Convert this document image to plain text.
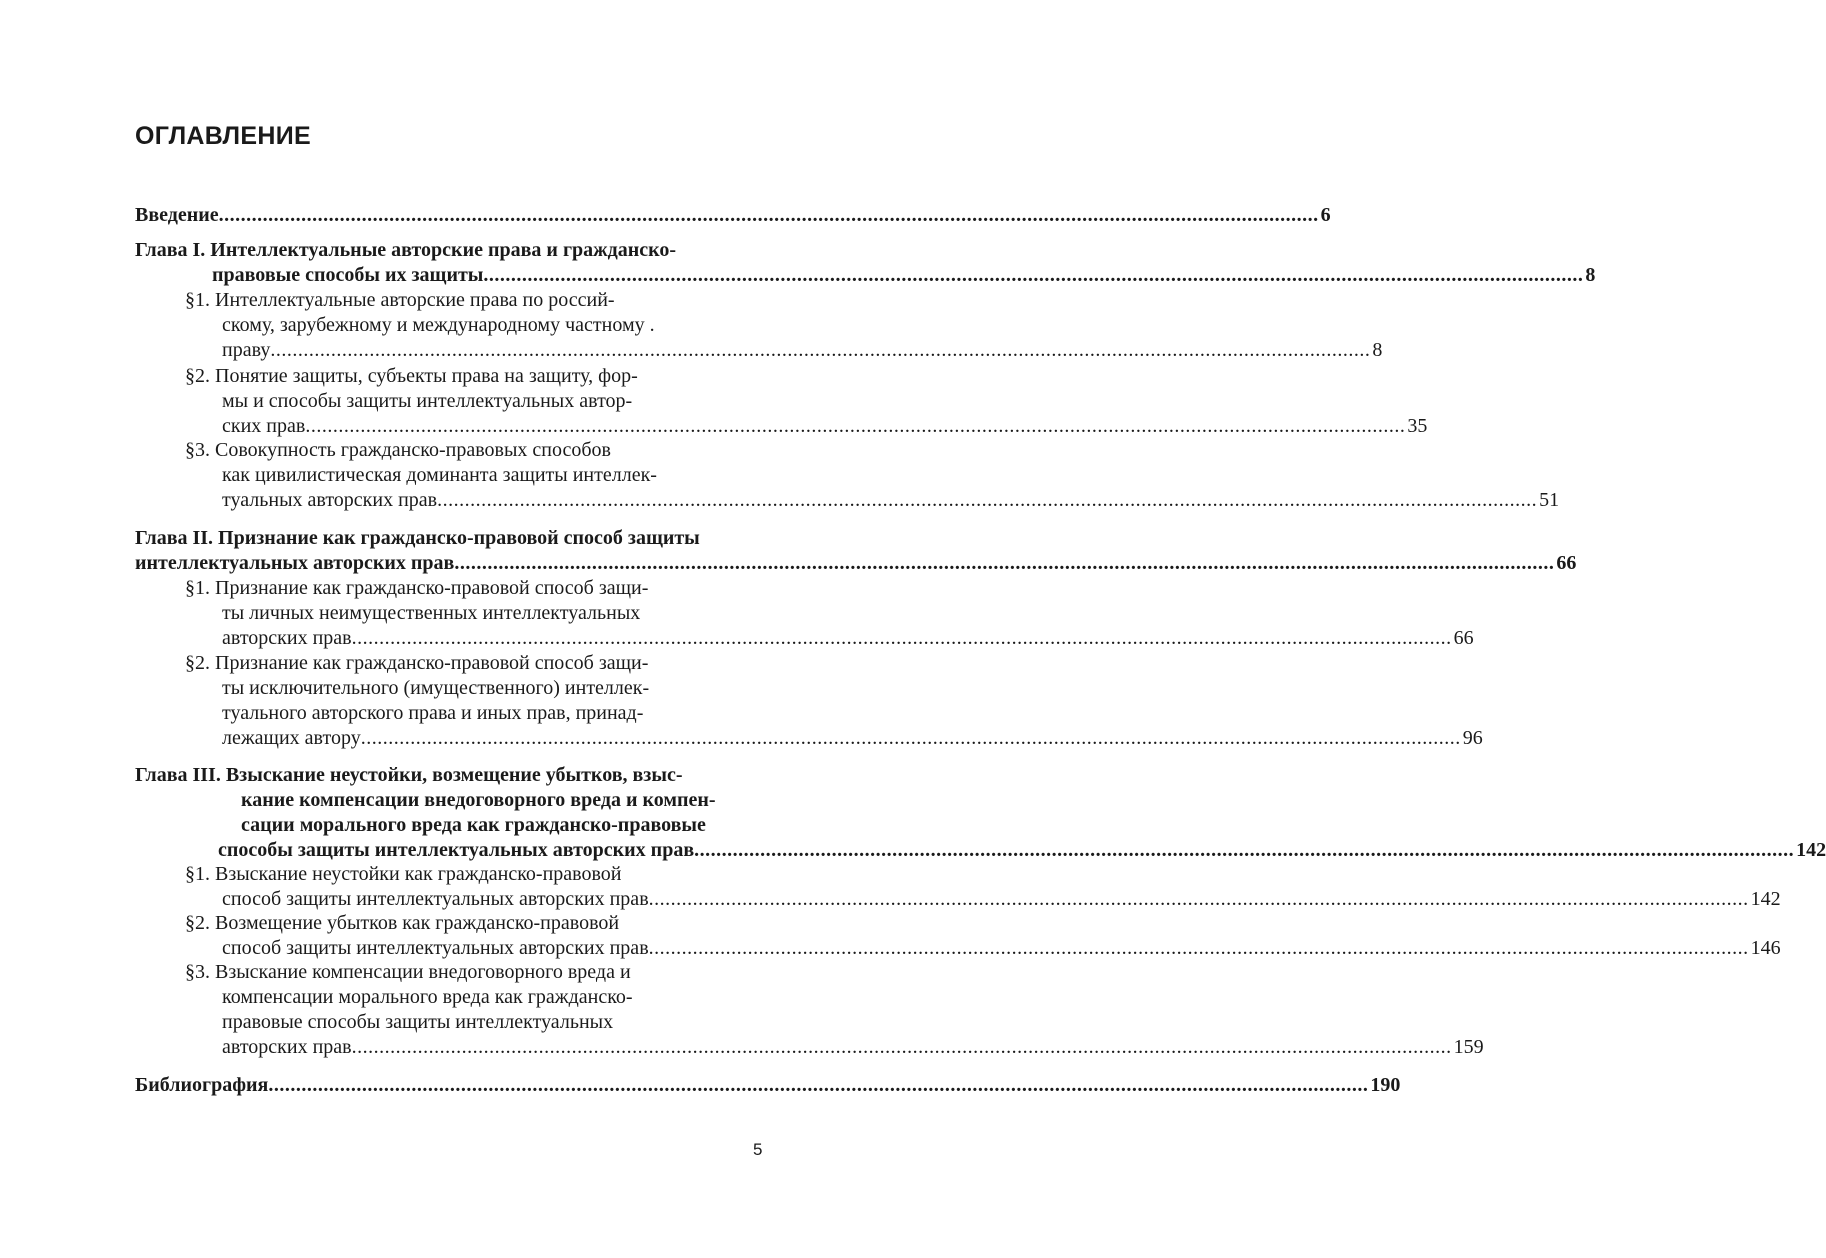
ОГЛАВЛЕНИЕ
Введение ........................................................................................................................................................................................................ 6
Глава I. Интеллектуальные авторские права и гражданско-
правовые способы их защиты ........................................................................................................................................................................................................ 8
§1. Интеллектуальные авторские права по россий-
скому, зарубежному и международному частному .
праву ........................................................................................................................................................................................................ 8
§2. Понятие защиты, субъекты права на защиту, фор-
мы и способы защиты интеллектуальных автор-
ских прав ........................................................................................................................................................................................................ 35
§3. Совокупность гражданско-правовых способов
как цивилистическая доминанта защиты интеллек-
туальных авторских прав ........................................................................................................................................................................................................ 51
Глава II. Признание как гражданско-правовой способ защиты
интеллектуальных авторских прав ........................................................................................................................................................................................................ 66
§1. Признание как гражданско-правовой способ защи-
ты личных неимущественных интеллектуальных
авторских прав ........................................................................................................................................................................................................ 66
§2. Признание как гражданско-правовой способ защи-
ты исключительного (имущественного) интеллек-
туального авторского права и иных прав, принад-
лежащих автору ........................................................................................................................................................................................................ 96
Глава III. Взыскание неустойки, возмещение убытков, взыс-
кание компенсации внедоговорного вреда и компен-
сации морального вреда как гражданско-правовые
способы защиты интеллектуальных авторских прав ........................................................................................................................................................................................................ 142
§1. Взыскание неустойки как гражданско-правовой
способ защиты интеллектуальных авторских прав ........................................................................................................................................................................................................ 142
§2. Возмещение убытков как гражданско-правовой
способ защиты интеллектуальных авторских прав ........................................................................................................................................................................................................ 146
§3. Взыскание компенсации внедоговорного вреда и
компенсации морального вреда как гражданско-
правовые способы защиты интеллектуальных
авторских прав ........................................................................................................................................................................................................ 159
Библиография ........................................................................................................................................................................................................ 190
5
